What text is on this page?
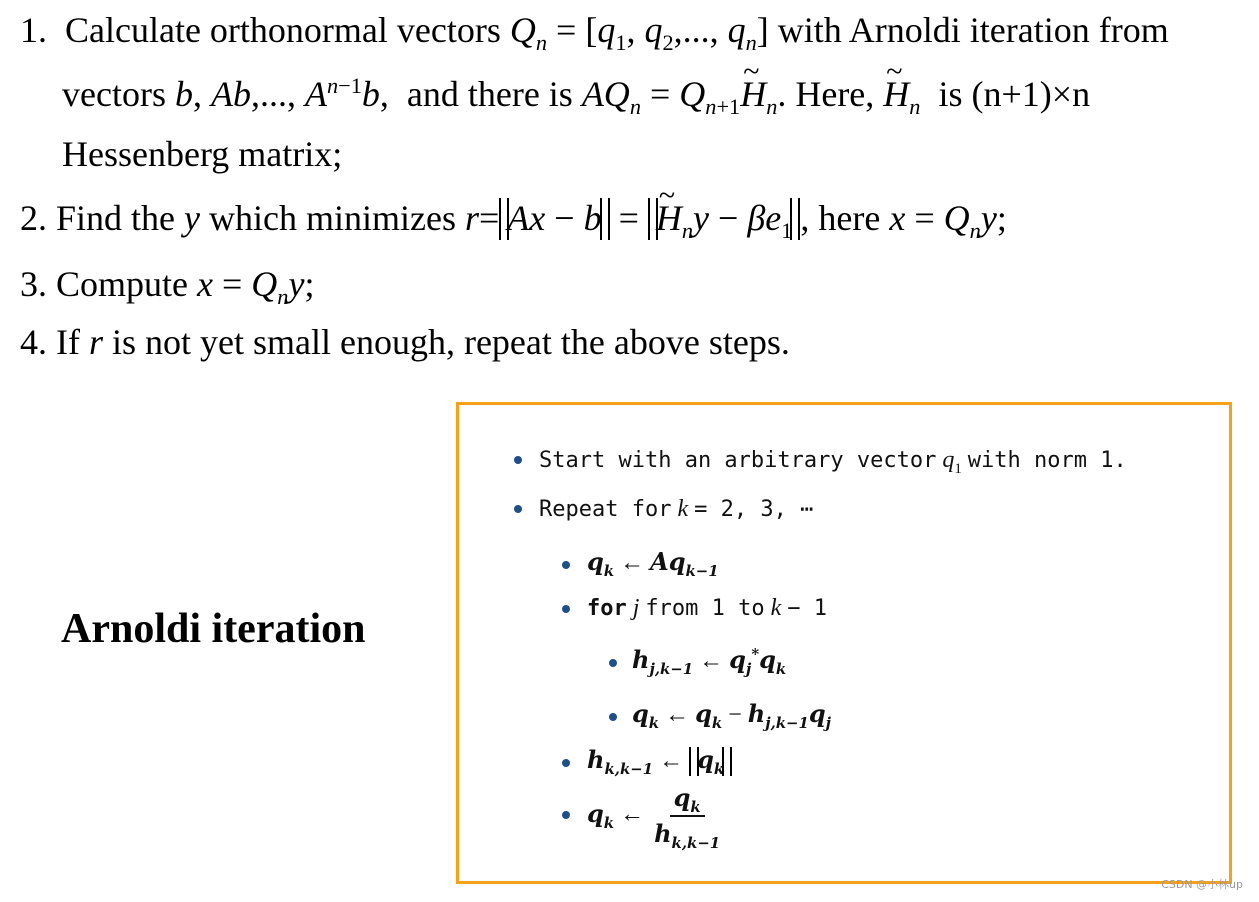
1. Calculate orthonormal vectors $Q_n = [q_1$, $q_2$,..., $q_n$] with Arnoldi iteration from
vectors b, Ab,..., $A^{n-1}b$,  and there is $AQ_n$ = $Q_{n+1}\sim$ $H_n$. Here, ~ $H_n$ is (n+1)×n
Hessenberg matrix;
2. Find the y which minimizes r= Ax − b = ~ $H_ny - \beta e_1$ , here $x = Q_ny$;
3. Compute $x = Q_ny$;
4. If r is not yet small enough, repeat the above steps.
Arnoldi iteration
Start with an arbitrary vector $q_1$ with norm 1.
Repeat for k = 2, 3, ⋯
$q_k$ ← $Aq_{k-1}$
for j from 1 to k − 1
$h_{j,k-1}$ ← $q_j^*q_k$
$q_k$ ← $q_k - h_{j,k-1}q_j$
$h_{k,k-1}$ ← $q_k$
$q_k$ ← $\frac{q_k}{h_{k,k-1}}$
CSDN @小林up
